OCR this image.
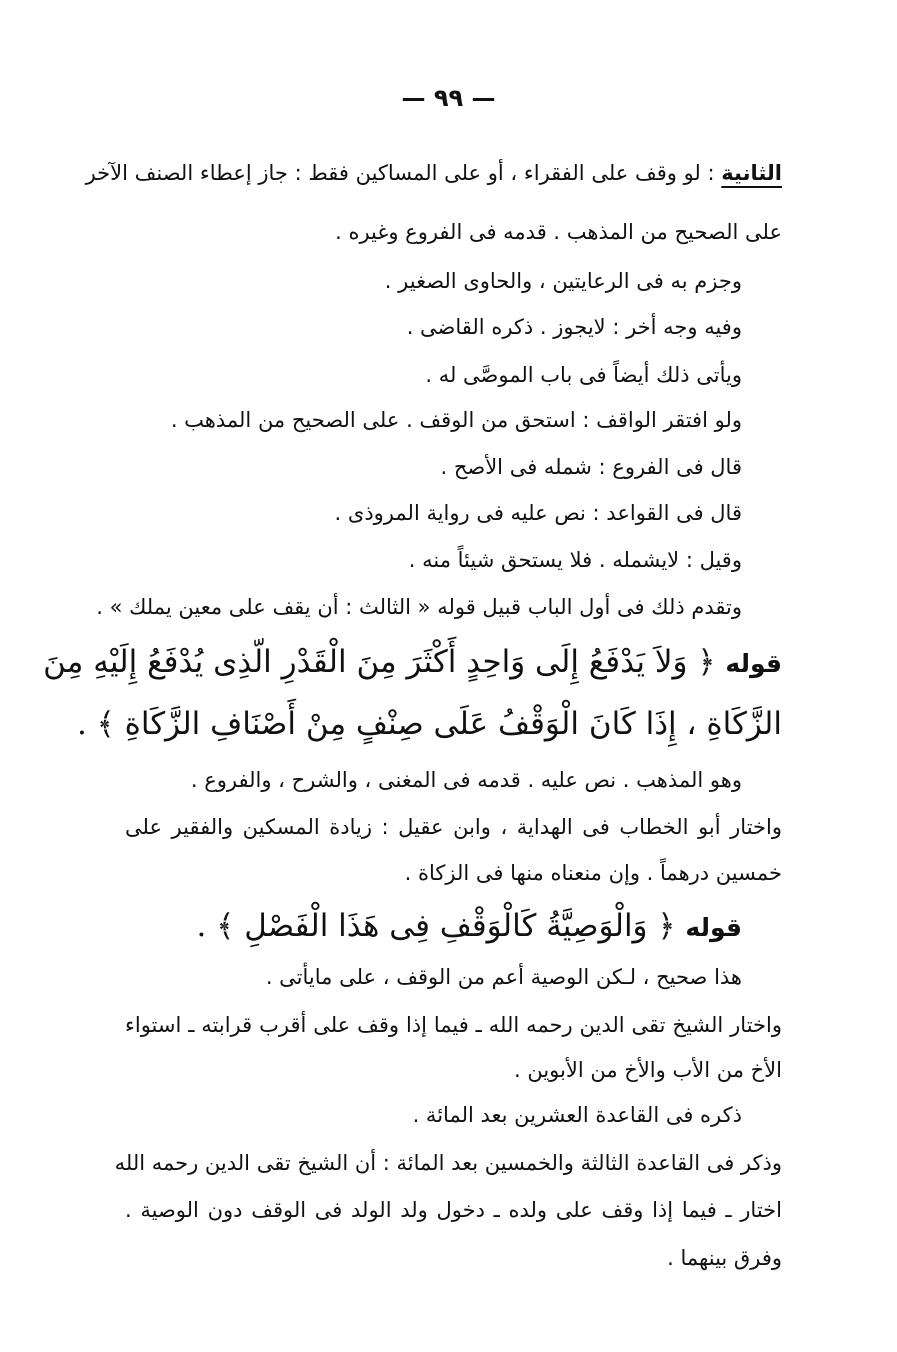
— ٩٩ —
الثانية : لو وقف على الفقراء ، أو على المساكين فقط : جاز إعطاء الصنف الآخر
على الصحيح من المذهب . قدمه فى الفروع وغيره .
وجزم به فى الرعايتين ، والحاوى الصغير .
وفيه وجه أخر : لايجوز . ذكره القاضى .
ويأتى ذلك أيضاً فى باب الموصَّى له .
ولو افتقر الواقف : استحق من الوقف . على الصحيح من المذهب .
قال فى الفروع : شمله فى الأصح .
قال فى القواعد : نص عليه فى رواية المروذى .
وقيل : لايشمله . فلا يستحق شيئاً منه .
وتقدم ذلك فى أول الباب قبيل قوله « الثالث : أن يقف على معين يملك » .
قوله ﴿ وَلاَ يَدْفَعُ إِلَى وَاحِدٍ أَكْثَرَ مِنَ الْقَدْرِ الّذِى يُدْفَعُ إِلَيْهِ مِنَ
الزَّكَاةِ ، إِذَا كَانَ الْوَقْفُ عَلَى صِنْفٍ مِنْ أَصْنَافِ الزَّكَاةِ ﴾ .
وهو المذهب . نص عليه . قدمه فى المغنى ، والشرح ، والفروع .
واختار أبو الخطاب فى الهداية ، وابن عقيل : زيادة المسكين والفقير على
خمسين درهماً . وإن منعناه منها فى الزكاة .
قوله ﴿ وَالْوَصِيَّةُ كَالْوَقْفِ فِى هَذَا الْفَصْلِ ﴾ .
هذا صحيح ، لـكن الوصية أعم من الوقف ، على مايأتى .
واختار الشيخ تقى الدين رحمه الله ـ فيما إذا وقف على أقرب قرابته ـ استواء
الأخ من الأب والأخ من الأبوين .
ذكره فى القاعدة العشرين بعد المائة .
وذكر فى القاعدة الثالثة والخمسين بعد المائة : أن الشيخ تقى الدين رحمه الله
اختار ـ فيما إذا وقف على ولده ـ دخول ولد الولد فى الوقف دون الوصية .
وفرق بينهما .
